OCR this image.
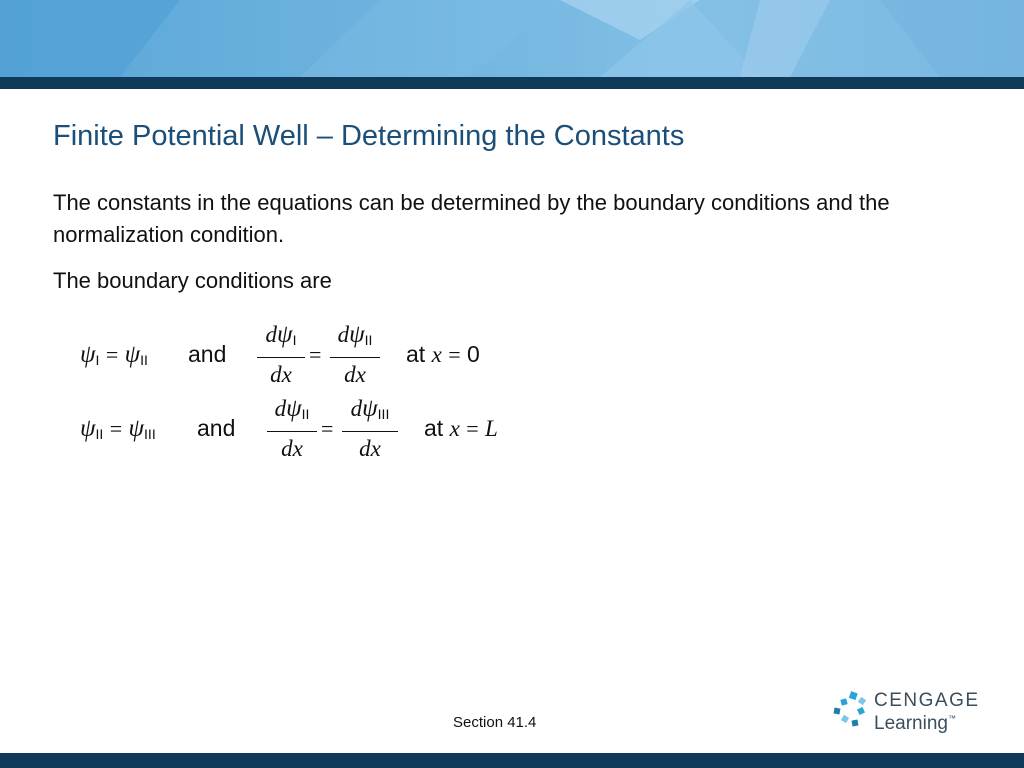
Finite Potential Well – Determining the Constants

The constants in the equations can be determined by the boundary conditions and the normalization condition.

The boundary conditions are

$\psi_I = \psi_{II}$ and
$d\psi_I$
dx
=
$d\psi_{II}$
dx
at x = 0
$\psi_{II} = \psi_{III}$ and
$d\psi_{II}$
dx
=
$d\psi_{III}$
dx
at x = L
Section 41.4
CENGAGE
Learning™
